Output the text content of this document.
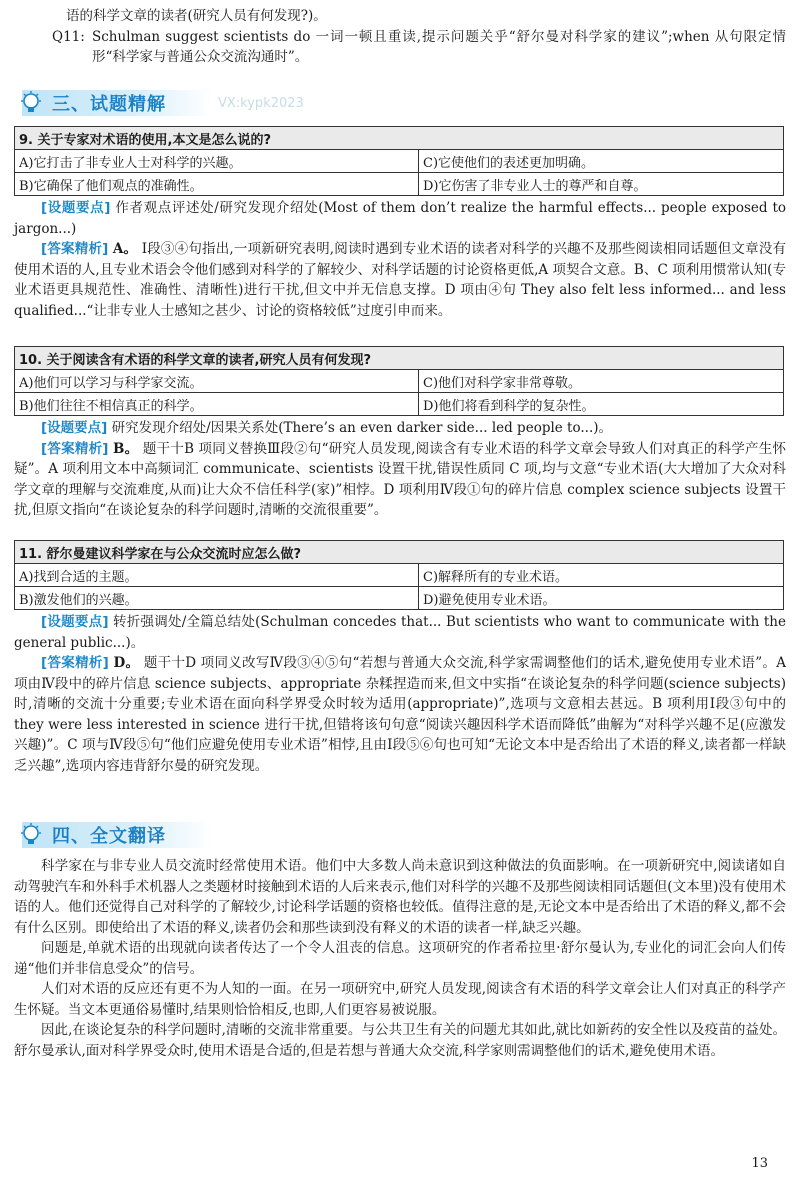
语的科学文章的读者(研究人员有何发现?)。

Q11: Schulman suggest scientists do 一词一顿且重读,提示问题关乎“舒尔曼对科学家的建议”;when 从句限定情形“科学家与普通公众交流沟通时”。
三、试题精解	VX:kypk2023
9. 关于专家对术语的使用,本文是怎么说的?	
A)它打击了非专业人士对科学的兴趣。	C)它使他们的表述更加明确。
B)它确保了他们观点的准确性。	D)它伤害了非专业人士的尊严和自尊。

[设题要点] 作者观点评述处/研究发现介绍处(Most of them don’t realize the harmful effects... people exposed to jargon...)

[答案精析] A。 Ⅰ段③④句指出,一项新研究表明,阅读时遇到专业术语的读者对科学的兴趣不及那些阅读相同话题但文章没有使用术语的人,且专业术语会令他们感到对科学的了解较少、对科学话题的讨论资格更低,A 项契合文意。B、C 项利用惯常认知(专业术语更具规范性、准确性、清晰性)进行干扰,但文中并无信息支撑。D 项由④句 They also felt less informed... and less qualified...“让非专业人士感知之甚少、讨论的资格较低”过度引申而来。

10. 关于阅读含有术语的科学文章的读者,研究人员有何发现?	
A)他们可以学习与科学家交流。	C)他们对科学家非常尊敬。
B)他们往往不相信真正的科学。	D)他们将看到科学的复杂性。

[设题要点] 研究发现介绍处/因果关系处(There’s an even darker side... led people to...)。

[答案精析] B。 题干十B 项同义替换Ⅲ段②句“研究人员发现,阅读含有专业术语的科学文章会导致人们对真正的科学产生怀疑”。A 项利用文本中高频词汇 communicate、scientists 设置干扰,错误性质同 C 项,均与文意“专业术语(大大增加了大众对科学文章的理解与交流难度,从而)让大众不信任科学(家)”相悖。D 项利用Ⅳ段①句的碎片信息 complex science subjects 设置干扰,但原文指向“在谈论复杂的科学问题时,清晰的交流很重要”。

11. 舒尔曼建议科学家在与公众交流时应怎么做?	
A)找到合适的主题。	C)解释所有的专业术语。
B)激发他们的兴趣。	D)避免使用专业术语。

[设题要点] 转折强调处/全篇总结处(Schulman concedes that... But scientists who want to communicate with the general public...)。

[答案精析] D。 题干十D 项同义改写Ⅳ段③④⑤句“若想与普通大众交流,科学家需调整他们的话术,避免使用专业术语”。A 项由Ⅳ段中的碎片信息 science subjects、appropriate 杂糅捏造而来,但文中实指“在谈论复杂的科学问题(science subjects)时,清晰的交流十分重要;专业术语在面向科学界受众时较为适用(appropriate)”,选项与文意相去甚远。B 项利用Ⅰ段③句中的 they were less interested in science 进行干扰,但错将该句句意“阅读兴趣因科学术语而降低”曲解为“对科学兴趣不足(应激发兴趣)”。C 项与Ⅳ段⑤句“他们应避免使用专业术语”相悖,且由Ⅰ段⑤⑥句也可知“无论文本中是否给出了术语的释义,读者都一样缺乏兴趣”,选项内容违背舒尔曼的研究发现。

四、全文翻译

科学家在与非专业人员交流时经常使用术语。他们中大多数人尚未意识到这种做法的负面影响。在一项新研究中,阅读诸如自动驾驶汽车和外科手术机器人之类题材时接触到术语的人后来表示,他们对科学的兴趣不及那些阅读相同话题但(文本里)没有使用术语的人。他们还觉得自己对科学的了解较少,讨论科学话题的资格也较低。值得注意的是,无论文本中是否给出了术语的释义,都不会有什么区别。即使给出了术语的释义,读者仍会和那些读到没有释义的术语的读者一样,缺乏兴趣。

问题是,单就术语的出现就向读者传达了一个令人沮丧的信息。这项研究的作者希拉里·舒尔曼认为,专业化的词汇会向人们传递“他们并非信息受众”的信号。

人们对术语的反应还有更不为人知的一面。在另一项研究中,研究人员发现,阅读含有术语的科学文章会让人们对真正的科学产生怀疑。当文本更通俗易懂时,结果则恰恰相反,也即,人们更容易被说服。

因此,在谈论复杂的科学问题时,清晰的交流非常重要。与公共卫生有关的问题尤其如此,就比如新药的安全性以及疫苗的益处。舒尔曼承认,面对科学界受众时,使用术语是合适的,但是若想与普通大众交流,科学家则需调整他们的话术,避免使用术语。

13
